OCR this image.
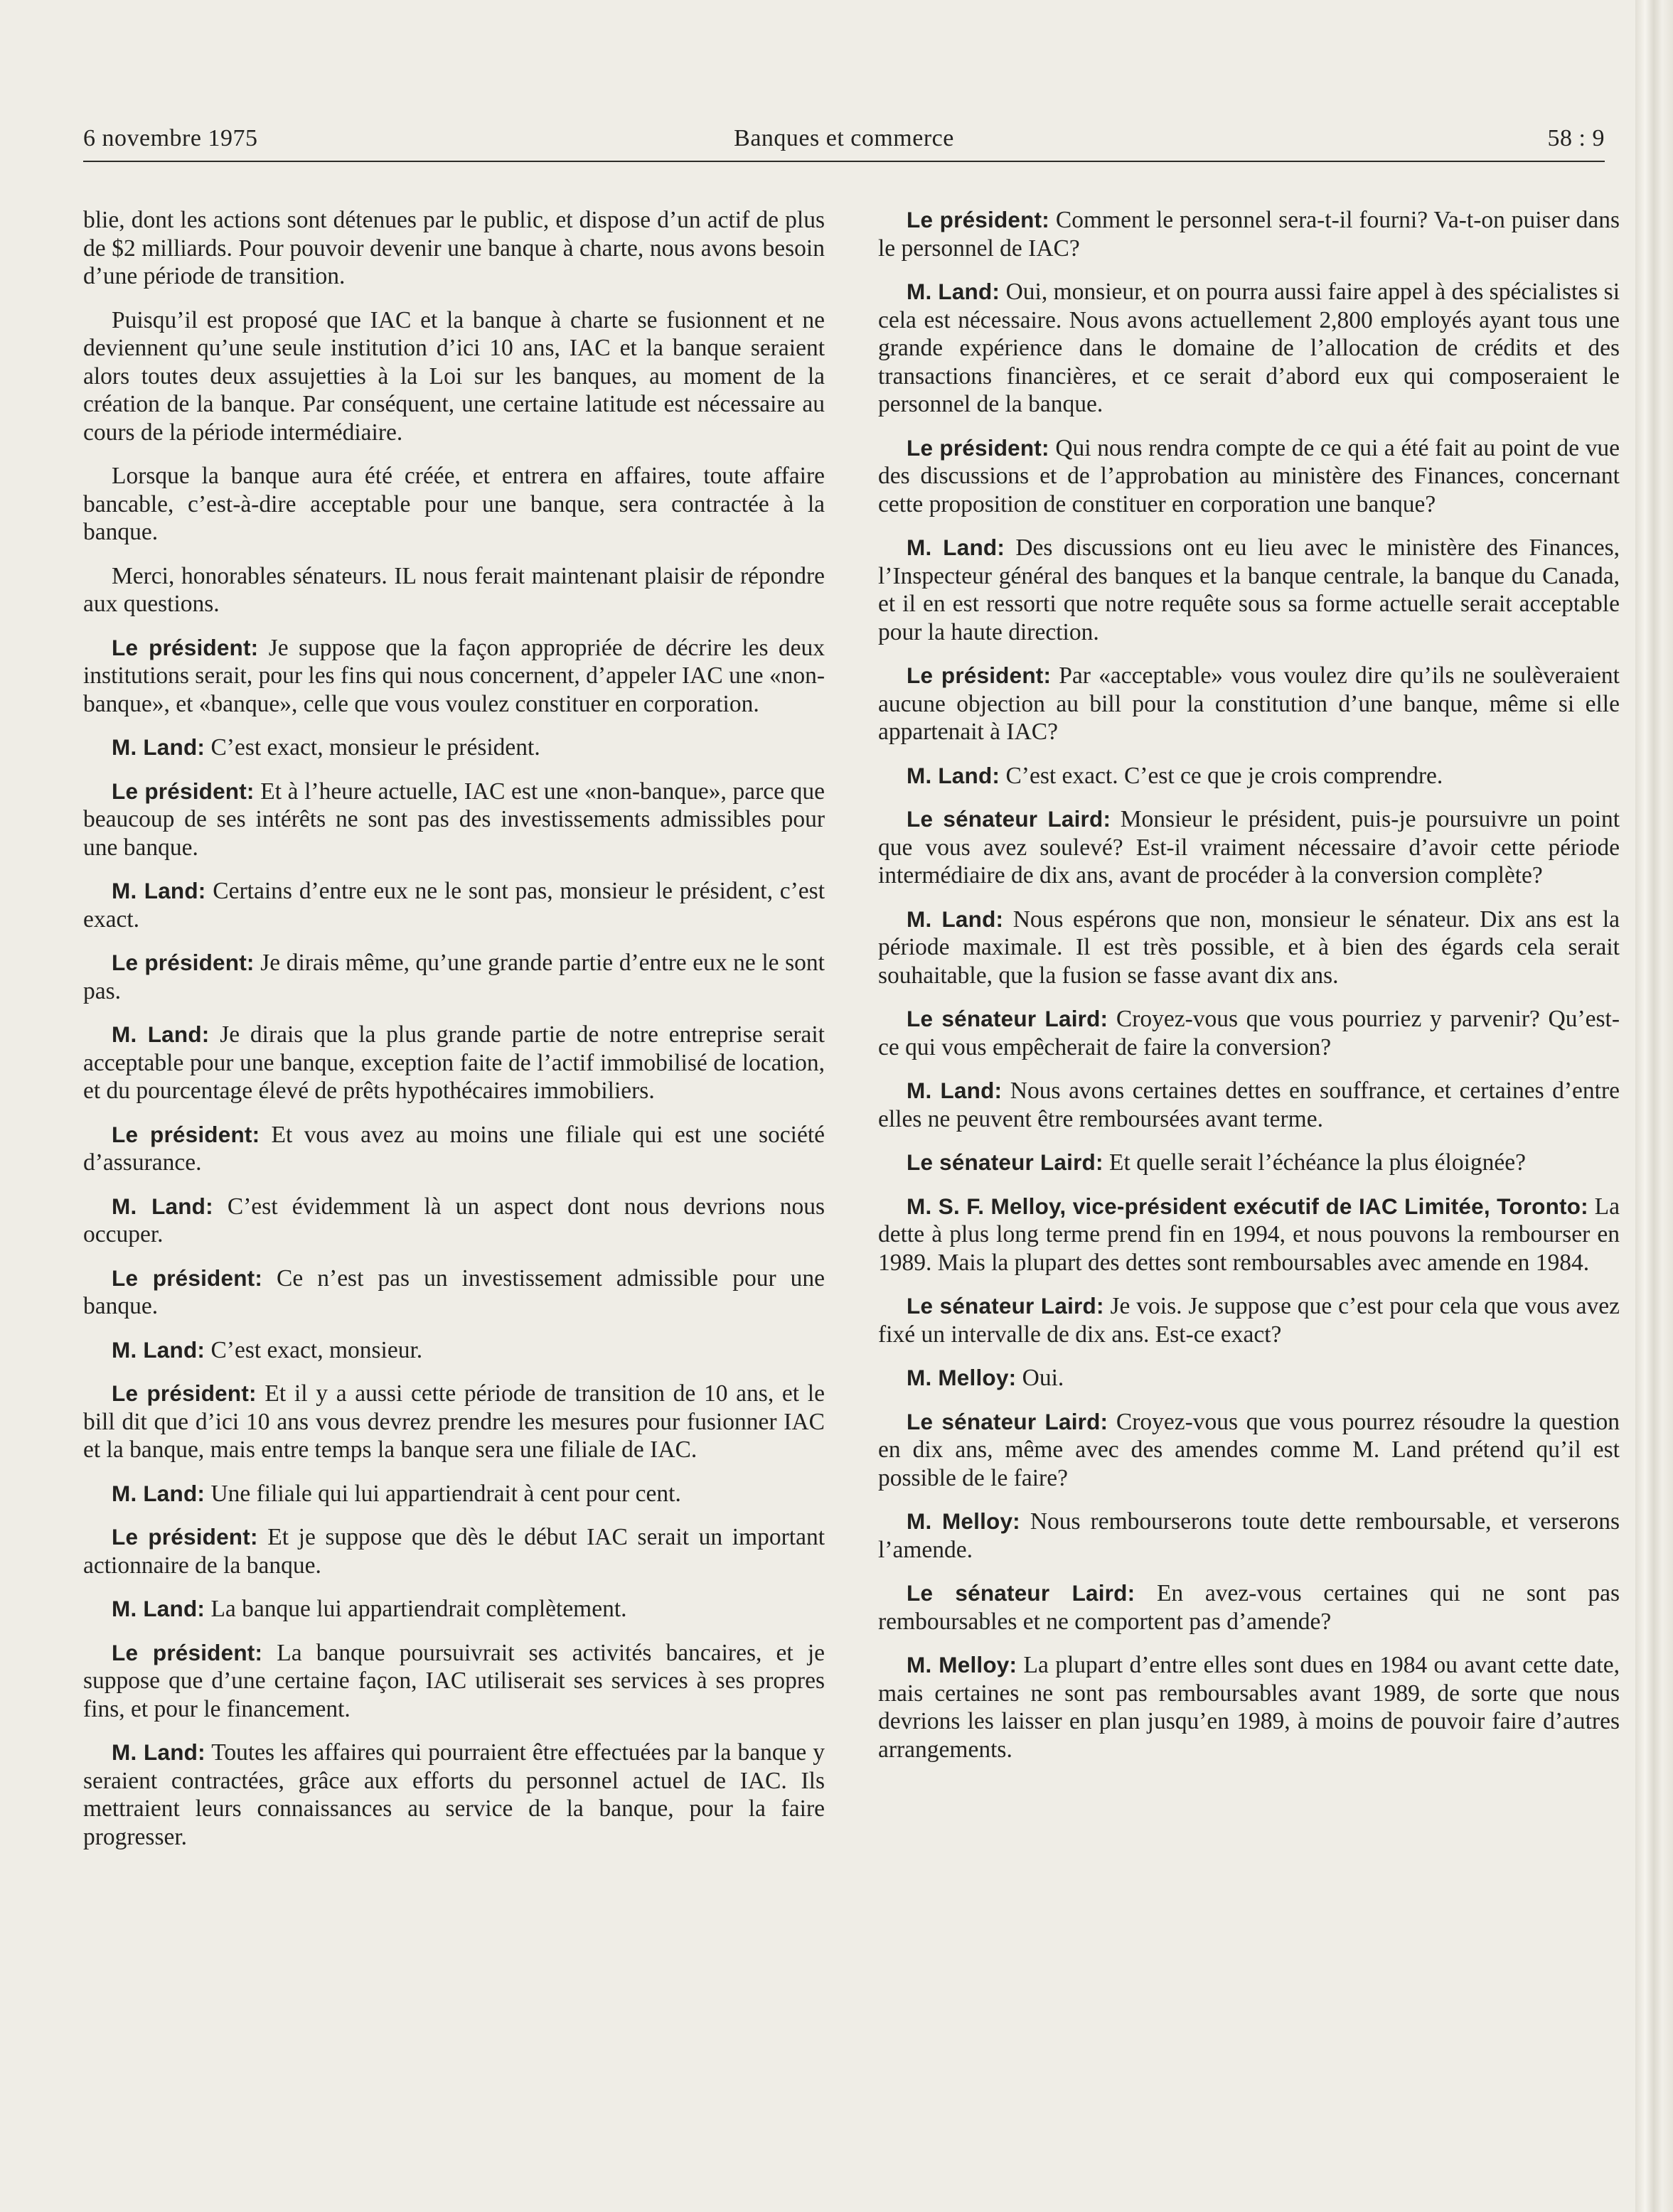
6 novembre 1975	Banques et commerce	58 : 9

blie, dont les actions sont détenues par le public, et dispose d’un actif de plus de $2 milliards. Pour pouvoir devenir une banque à charte, nous avons besoin d’une période de transition.

Puisqu’il est proposé que IAC et la banque à charte se fusionnent et ne deviennent qu’une seule institution d’ici 10 ans, IAC et la banque seraient alors toutes deux assujetties à la Loi sur les banques, au moment de la création de la banque. Par conséquent, une certaine latitude est nécessaire au cours de la période intermédiaire.

Lorsque la banque aura été créée, et entrera en affaires, toute affaire bancable, c’est-à-dire acceptable pour une banque, sera contractée à la banque.

Merci, honorables sénateurs. IL nous ferait maintenant plaisir de répondre aux questions.

Le président: Je suppose que la façon appropriée de décrire les deux institutions serait, pour les fins qui nous concernent, d’appeler IAC une «non-banque», et «banque», celle que vous voulez constituer en corporation.

M. Land: C’est exact, monsieur le président.

Le président: Et à l’heure actuelle, IAC est une «non-banque», parce que beaucoup de ses intérêts ne sont pas des investissements admissibles pour une banque.

M. Land: Certains d’entre eux ne le sont pas, monsieur le président, c’est exact.

Le président: Je dirais même, qu’une grande partie d’entre eux ne le sont pas.

M. Land: Je dirais que la plus grande partie de notre entreprise serait acceptable pour une banque, exception faite de l’actif immobilisé de location, et du pourcentage élevé de prêts hypothécaires immobiliers.

Le président: Et vous avez au moins une filiale qui est une société d’assurance.

M. Land: C’est évidemment là un aspect dont nous devrions nous occuper.

Le président: Ce n’est pas un investissement admissible pour une banque.

M. Land: C’est exact, monsieur.

Le président: Et il y a aussi cette période de transition de 10 ans, et le bill dit que d’ici 10 ans vous devrez prendre les mesures pour fusionner IAC et la banque, mais entre temps la banque sera une filiale de IAC.

M. Land: Une filiale qui lui appartiendrait à cent pour cent.

Le président: Et je suppose que dès le début IAC serait un important actionnaire de la banque.

M. Land: La banque lui appartiendrait complètement.

Le président: La banque poursuivrait ses activités bancaires, et je suppose que d’une certaine façon, IAC utiliserait ses services à ses propres fins, et pour le financement.

M. Land: Toutes les affaires qui pourraient être effectuées par la banque y seraient contractées, grâce aux efforts du personnel actuel de IAC. Ils mettraient leurs connaissances au service de la banque, pour la faire progresser.

Le président: Comment le personnel sera-t-il fourni? Va-t-on puiser dans le personnel de IAC?

M. Land: Oui, monsieur, et on pourra aussi faire appel à des spécialistes si cela est nécessaire. Nous avons actuellement 2,800 employés ayant tous une grande expérience dans le domaine de l’allocation de crédits et des transactions financières, et ce serait d’abord eux qui composeraient le personnel de la banque.

Le président: Qui nous rendra compte de ce qui a été fait au point de vue des discussions et de l’approbation au ministère des Finances, concernant cette proposition de constituer en corporation une banque?

M. Land: Des discussions ont eu lieu avec le ministère des Finances, l’Inspecteur général des banques et la banque centrale, la banque du Canada, et il en est ressorti que notre requête sous sa forme actuelle serait acceptable pour la haute direction.

Le président: Par «acceptable» vous voulez dire qu’ils ne soulèveraient aucune objection au bill pour la constitution d’une banque, même si elle appartenait à IAC?

M. Land: C’est exact. C’est ce que je crois comprendre.

Le sénateur Laird: Monsieur le président, puis-je poursuivre un point que vous avez soulevé? Est-il vraiment nécessaire d’avoir cette période intermédiaire de dix ans, avant de procéder à la conversion complète?

M. Land: Nous espérons que non, monsieur le sénateur. Dix ans est la période maximale. Il est très possible, et à bien des égards cela serait souhaitable, que la fusion se fasse avant dix ans.

Le sénateur Laird: Croyez-vous que vous pourriez y parvenir? Qu’est-ce qui vous empêcherait de faire la conversion?

M. Land: Nous avons certaines dettes en souffrance, et certaines d’entre elles ne peuvent être remboursées avant terme.

Le sénateur Laird: Et quelle serait l’échéance la plus éloignée?

M. S. F. Melloy, vice-président exécutif de IAC Limitée, Toronto: La dette à plus long terme prend fin en 1994, et nous pouvons la rembourser en 1989. Mais la plupart des dettes sont remboursables avec amende en 1984.

Le sénateur Laird: Je vois. Je suppose que c’est pour cela que vous avez fixé un intervalle de dix ans. Est-ce exact?

M. Melloy: Oui.

Le sénateur Laird: Croyez-vous que vous pourrez résoudre la question en dix ans, même avec des amendes comme M. Land prétend qu’il est possible de le faire?

M. Melloy: Nous rembourserons toute dette remboursable, et verserons l’amende.

Le sénateur Laird: En avez-vous certaines qui ne sont pas remboursables et ne comportent pas d’amende?

M. Melloy: La plupart d’entre elles sont dues en 1984 ou avant cette date, mais certaines ne sont pas remboursables avant 1989, de sorte que nous devrions les laisser en plan jusqu’en 1989, à moins de pouvoir faire d’autres arrangements.
